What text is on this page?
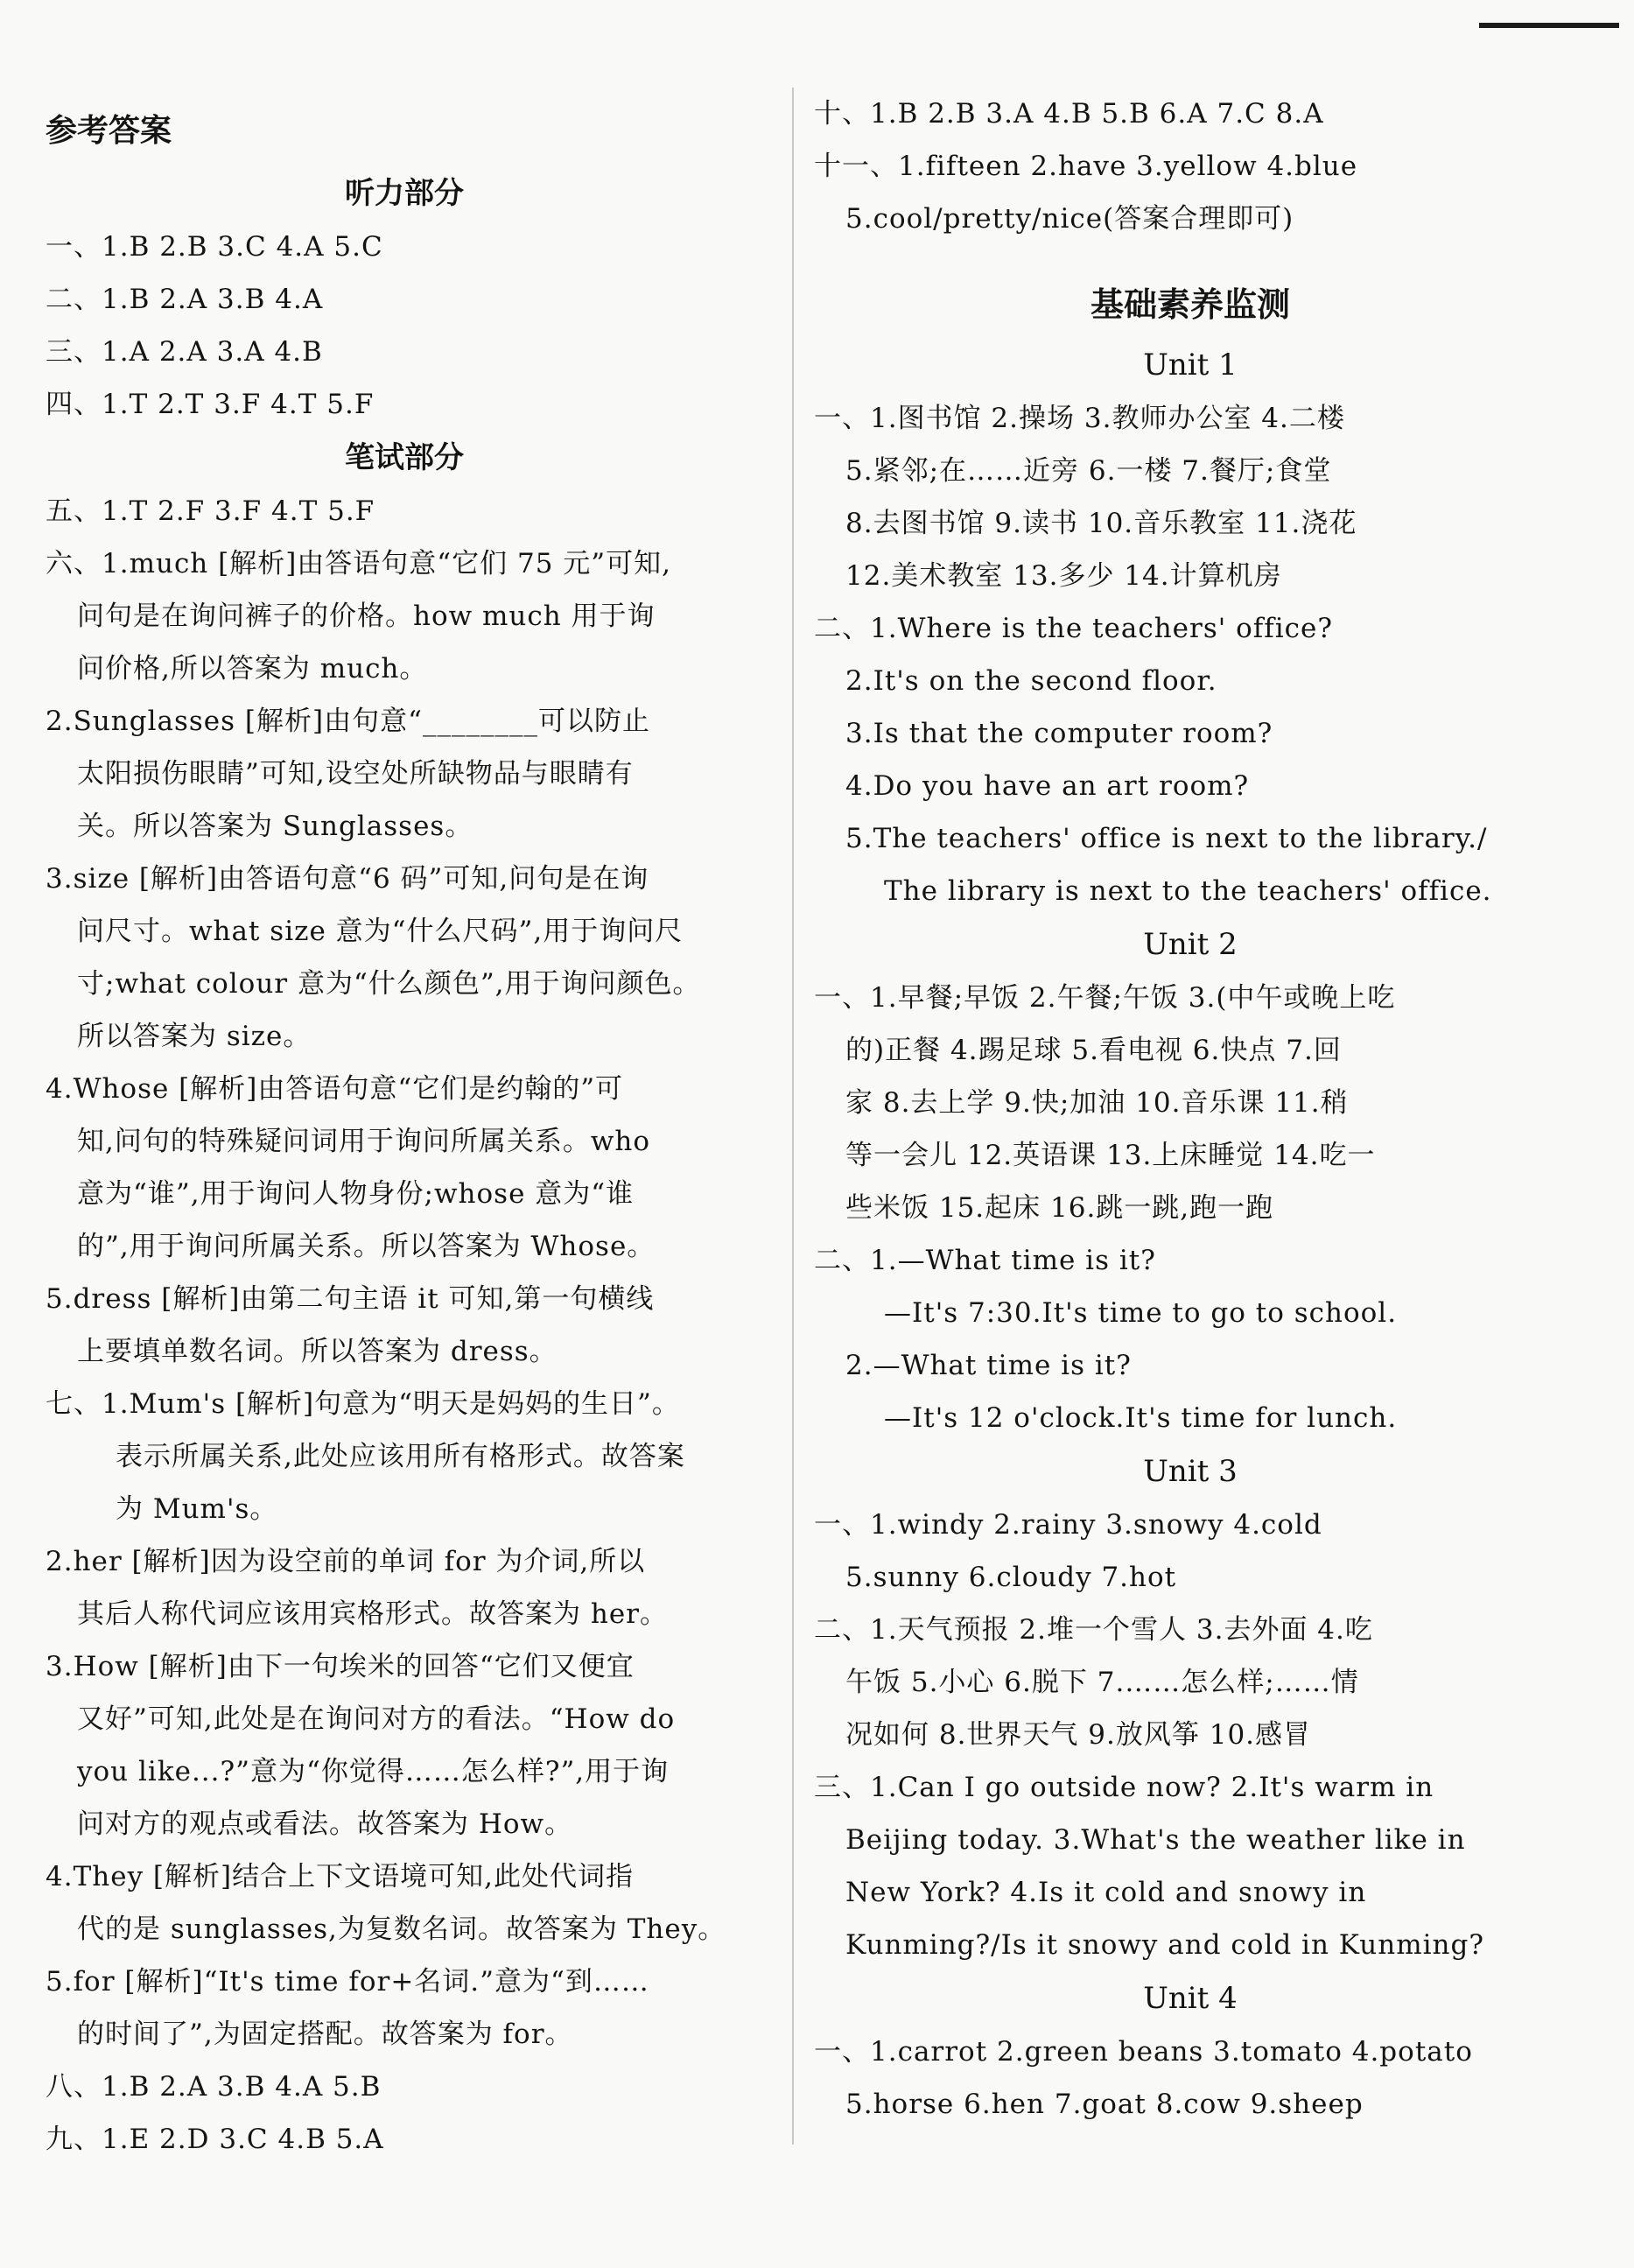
参考答案
听力部分
一、1.B 2.B 3.C 4.A 5.C
二、1.B 2.A 3.B 4.A
三、1.A 2.A 3.A 4.B
四、1.T 2.T 3.F 4.T 5.F
笔试部分
五、1.T 2.F 3.F 4.T 5.F
六、1.much [解析]由答语句意“它们 75 元”可知,
问句是在询问裤子的价格。how much 用于询
问价格,所以答案为 much。
2.Sunglasses [解析]由句意“________可以防止
太阳损伤眼睛”可知,设空处所缺物品与眼睛有
关。所以答案为 Sunglasses。
3.size [解析]由答语句意“6 码”可知,问句是在询
问尺寸。what size 意为“什么尺码”,用于询问尺
寸;what colour 意为“什么颜色”,用于询问颜色。
所以答案为 size。
4.Whose [解析]由答语句意“它们是约翰的”可
知,问句的特殊疑问词用于询问所属关系。who
意为“谁”,用于询问人物身份;whose 意为“谁
的”,用于询问所属关系。所以答案为 Whose。
5.dress [解析]由第二句主语 it 可知,第一句横线
上要填单数名词。所以答案为 dress。
七、1.Mum's [解析]句意为“明天是妈妈的生日”。
表示所属关系,此处应该用所有格形式。故答案
为 Mum's。
2.her [解析]因为设空前的单词 for 为介词,所以
其后人称代词应该用宾格形式。故答案为 her。
3.How [解析]由下一句埃米的回答“它们又便宜
又好”可知,此处是在询问对方的看法。“How do
you like...?”意为“你觉得……怎么样?”,用于询
问对方的观点或看法。故答案为 How。
4.They [解析]结合上下文语境可知,此处代词指
代的是 sunglasses,为复数名词。故答案为 They。
5.for [解析]“It's time for+名词.”意为“到……
的时间了”,为固定搭配。故答案为 for。
八、1.B 2.A 3.B 4.A 5.B
九、1.E 2.D 3.C 4.B 5.A
十、1.B 2.B 3.A 4.B 5.B 6.A 7.C 8.A
十一、1.fifteen 2.have 3.yellow 4.blue
5.cool/pretty/nice(答案合理即可)
基础素养监测
Unit 1
一、1.图书馆 2.操场 3.教师办公室 4.二楼
5.紧邻;在……近旁 6.一楼 7.餐厅;食堂
8.去图书馆 9.读书 10.音乐教室 11.浇花
12.美术教室 13.多少 14.计算机房
二、1.Where is the teachers' office?
2.It's on the second floor.
3.Is that the computer room?
4.Do you have an art room?
5.The teachers' office is next to the library./
The library is next to the teachers' office.
Unit 2
一、1.早餐;早饭 2.午餐;午饭 3.(中午或晚上吃
的)正餐 4.踢足球 5.看电视 6.快点 7.回
家 8.去上学 9.快;加油 10.音乐课 11.稍
等一会儿 12.英语课 13.上床睡觉 14.吃一
些米饭 15.起床 16.跳一跳,跑一跑
二、1.—What time is it?
—It's 7:30.It's time to go to school.
2.—What time is it?
—It's 12 o'clock.It's time for lunch.
Unit 3
一、1.windy 2.rainy 3.snowy 4.cold
5.sunny 6.cloudy 7.hot
二、1.天气预报 2.堆一个雪人 3.去外面 4.吃
午饭 5.小心 6.脱下 7.……怎么样;……情
况如何 8.世界天气 9.放风筝 10.感冒
三、1.Can I go outside now? 2.It's warm in
Beijing today. 3.What's the weather like in
New York? 4.Is it cold and snowy in
Kunming?/Is it snowy and cold in Kunming?
Unit 4
一、1.carrot 2.green beans 3.tomato 4.potato
5.horse 6.hen 7.goat 8.cow 9.sheep
